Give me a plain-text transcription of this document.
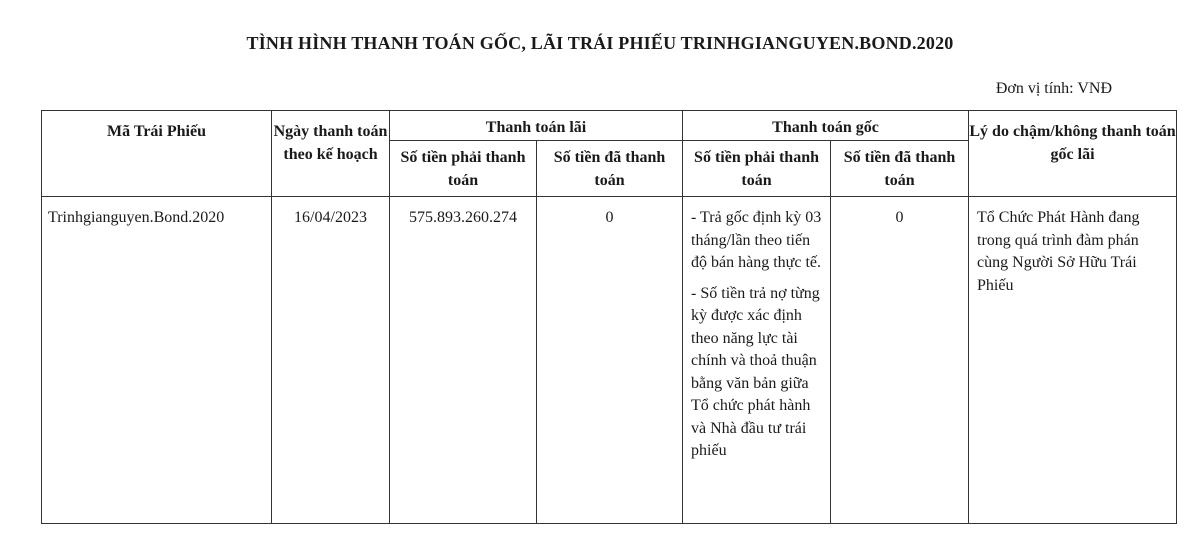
TÌNH HÌNH THANH TOÁN GỐC, LÃI TRÁI PHIẾU TRINHGIANGUYEN.BOND.2020
Đơn vị tính: VNĐ
Mã Trái Phiếu	Ngày thanh toán theo kế hoạch	Thanh toán lãi		Thanh toán gốc		Lý do chậm/không thanh toán gốc lãi
		Số tiền phải thanh toán	Số tiền đã thanh toán	Số tiền phải thanh toán	Số tiền đã thanh toán	
Trinhgianguyen.Bond.2020	16/04/2023	575.893.260.274	0	- Trả gốc định kỳ 03 tháng/lần theo tiến độ bán hàng thực tế.
- Số tiền trả nợ từng kỳ được xác định theo năng lực tài chính và thoả thuận bằng văn bản giữa Tổ chức phát hành và Nhà đầu tư trái phiếu	0	Tổ Chức Phát Hành đang trong quá trình đàm phán cùng Người Sở Hữu Trái Phiếu
